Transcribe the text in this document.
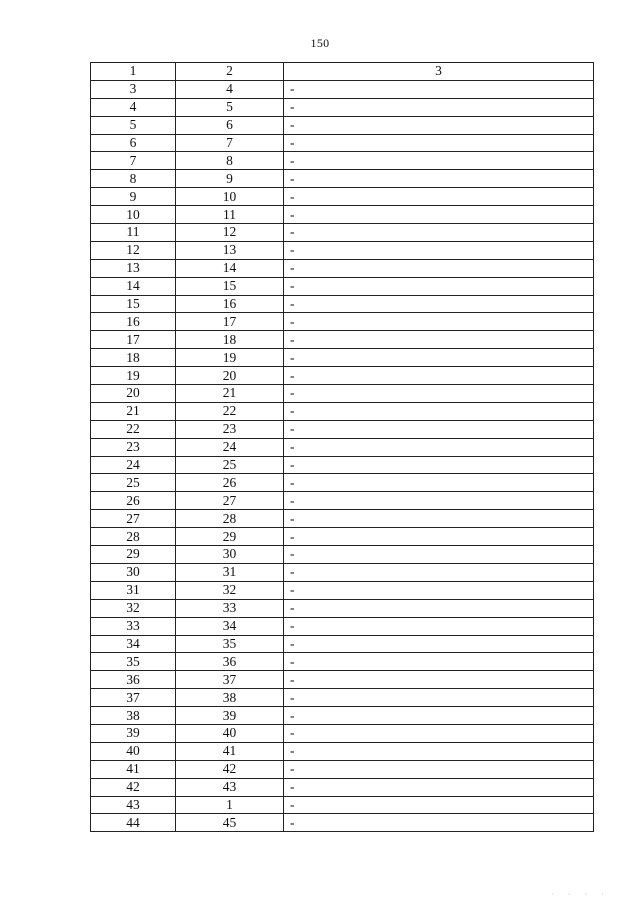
150
1	2	3
3	4	-
4	5	-
5	6	-
6	7	-
7	8	-
8	9	-
9	10	-
10	11	-
11	12	-
12	13	-
13	14	-
14	15	-
15	16	-
16	17	-
17	18	-
18	19	-
19	20	-
20	21	-
21	22	-
22	23	-
23	24	-
24	25	-
25	26	-
26	27	-
27	28	-
28	29	-
29	30	-
30	31	-
31	32	-
32	33	-
33	34	-
34	35	-
35	36	-
36	37	-
37	38	-
38	39	-
39	40	-
40	41	-
41	42	-
42	43	-
43	1	-
44	45	-
⋅ ⋅ ⋅ ⋅
